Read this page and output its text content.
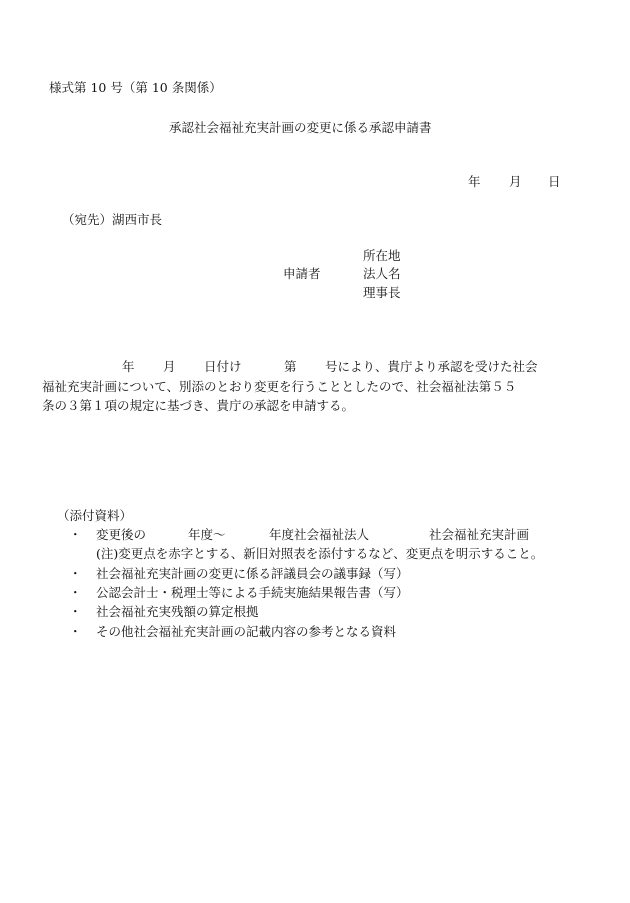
様式第 10 号（第 10 条関係）
承認社会福祉充実計画の変更に係る承認申請書
年 月 日
（宛先）湖西市長
申請者
所在地
法人名
理事長
年 月 日付け	第 号により、貴庁より承認を受けた社会
福祉充実計画について、別添のとおり変更を行うこととしたので、社会福祉法第５５
条の３第１項の規定に基づき、貴庁の承認を申請する。
（添付資料）
・ 変更後の	年度～	年度社会福祉法人	社会福祉充実計画
(注)変更点を赤字とする、新旧対照表を添付するなど、変更点を明示すること。
・ 社会福祉充実計画の変更に係る評議員会の議事録（写）
・ 公認会計士・税理士等による手続実施結果報告書（写）
・ 社会福祉充実残額の算定根拠
・ その他社会福祉充実計画の記載内容の参考となる資料
